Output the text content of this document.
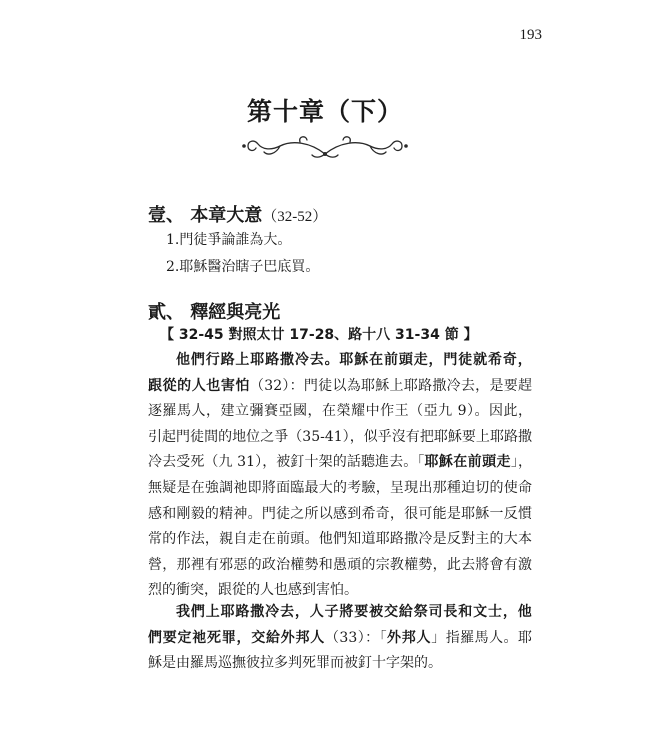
193
第十章（下）
壹、 本章大意（32-52）
1.門徒爭論誰為大。
2.耶穌醫治瞎子巴底買。
貳、 釋經與亮光
【 32-45 對照太廿 17-28、路十八 31-34 節 】

他們行路上耶路撒冷去。耶穌在前頭走，門徒就希奇，跟從的人也害怕（32）：門徒以為耶穌上耶路撒冷去，是要趕逐羅馬人，建立彌賽亞國，在榮耀中作王（亞九 9）。因此，引起門徒間的地位之爭（35-41），似乎沒有把耶穌要上耶路撒冷去受死（九 31），被釘十架的話聽進去。「耶穌在前頭走」，無疑是在強調祂即將面臨最大的考驗，呈現出那種迫切的使命感和剛毅的精神。門徒之所以感到希奇，很可能是耶穌一反慣常的作法，親自走在前頭。他們知道耶路撒冷是反對主的大本營，那裡有邪惡的政治權勢和愚頑的宗教權勢，此去將會有激烈的衝突，跟從的人也感到害怕。

我們上耶路撒冷去，人子將要被交給祭司長和文士，他們要定祂死罪，交給外邦人（33）：「外邦人」指羅馬人。耶穌是由羅馬巡撫彼拉多判死罪而被釘十字架的。
